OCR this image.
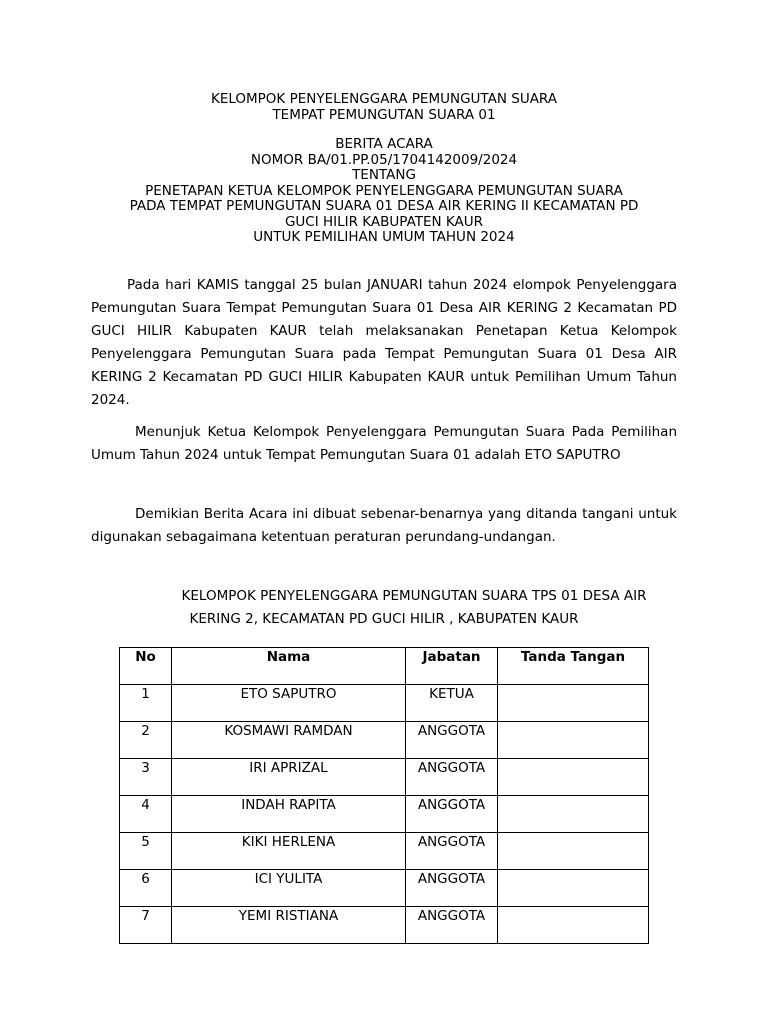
KELOMPOK PENYELENGGARA PEMUNGUTAN SUARA
TEMPAT PEMUNGUTAN SUARA 01
BERITA ACARA
NOMOR BA/01.PP.05/1704142009/2024
TENTANG
PENETAPAN KETUA KELOMPOK PENYELENGGARA PEMUNGUTAN SUARA
PADA TEMPAT PEMUNGUTAN SUARA 01 DESA AIR KERING II KECAMATAN PD
GUCI HILIR KABUPATEN KAUR
UNTUK PEMILIHAN UMUM TAHUN 2024

Pada hari KAMIS tanggal 25 bulan JANUARI tahun 2024 elompok Penyelenggara Pemungutan Suara Tempat Pemungutan Suara 01 Desa AIR KERING 2 Kecamatan PD GUCI HILIR Kabupaten KAUR telah melaksanakan Penetapan Ketua Kelompok Penyelenggara Pemungutan Suara pada Tempat Pemungutan Suara 01 Desa AIR KERING 2 Kecamatan PD GUCI HILIR Kabupaten KAUR untuk Pemilihan Umum Tahun 2024.

Menunjuk Ketua Kelompok Penyelenggara Pemungutan Suara Pada Pemilihan Umum Tahun 2024 untuk Tempat Pemungutan Suara 01 adalah ETO SAPUTRO

Demikian Berita Acara ini dibuat sebenar-benarnya yang ditanda tangani untuk digunakan sebagaimana ketentuan peraturan perundang-undangan.

KELOMPOK PENYELENGGARA PEMUNGUTAN SUARA TPS 01 DESA AIR
KERING 2, KECAMATAN PD GUCI HILIR , KABUPATEN KAUR
No	Nama	Jabatan	Tanda Tangan

1	ETO SAPUTRO	KETUA	

2	KOSMAWI RAMDAN	ANGGOTA	

3	IRI APRIZAL	ANGGOTA	

4	INDAH RAPITA	ANGGOTA	

5	KIKI HERLENA	ANGGOTA	

6	ICI YULITA	ANGGOTA	

7	YEMI RISTIANA	ANGGOTA	
